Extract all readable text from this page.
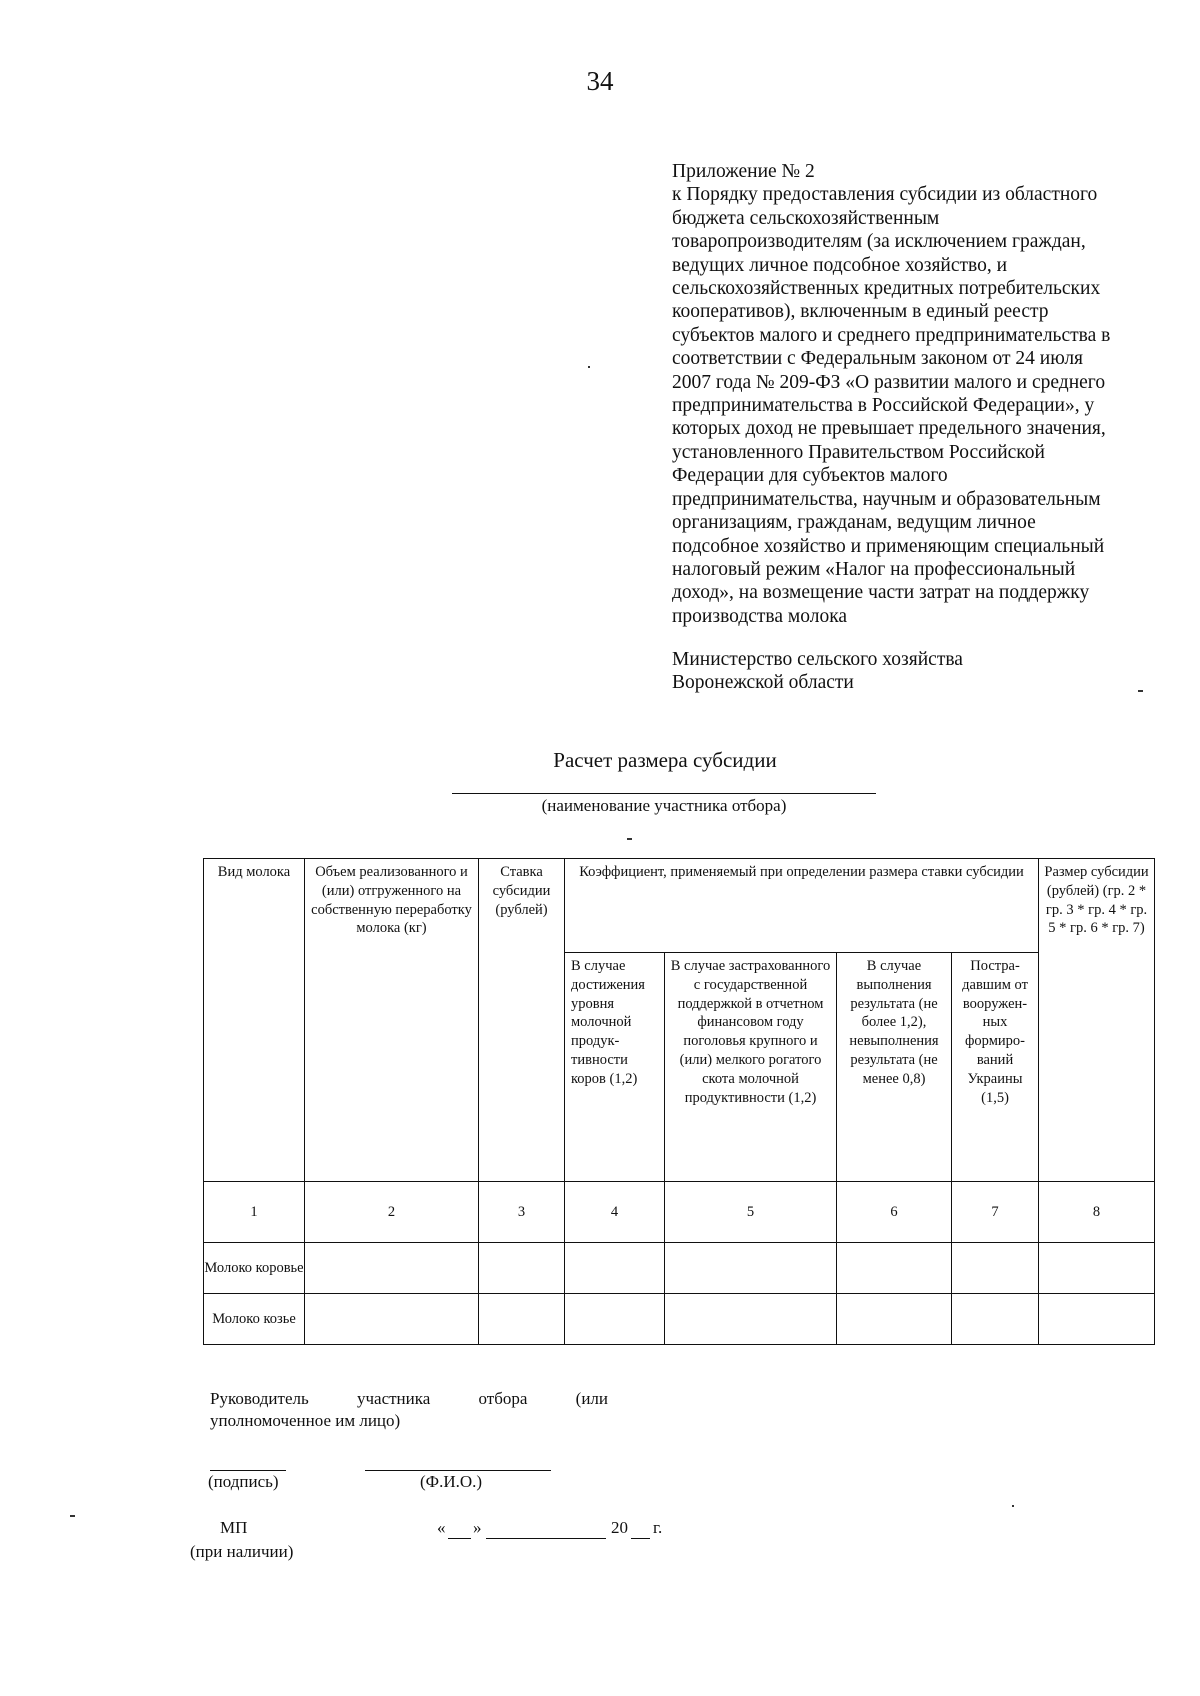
34
Приложение № 2
к Порядку предоставления субсидии из областного
бюджета сельскохозяйственным
товаропроизводителям (за исключением граждан,
ведущих личное подсобное хозяйство, и
сельскохозяйственных кредитных потребительских
кооперативов), включенным в единый реестр
субъектов малого и среднего предпринимательства в
соответствии с Федеральным законом от 24 июля
2007 года № 209-ФЗ «О развитии малого и среднего
предпринимательства в Российской Федерации», у
которых доход не превышает предельного значения,
установленного Правительством Российской
Федерации для субъектов малого
предпринимательства, научным и образовательным
организациям, гражданам, ведущим личное
подсобное хозяйство и применяющим специальный
налоговый режим «Налог на профессиональный
доход», на возмещение части затрат на поддержку
производства молока
Министерство сельского хозяйства
Воронежской области
Расчет размера субсидии
(наименование участника отбора)
Вид молока	Объем реализованного и (или) отгруженного на собственную переработку молока (кг)	Ставка субсидии (рублей)	Коэффициент, применяемый при определении размера ставки субсидии				Размер субсидии (рублей) (гр. 2 * гр. 3 * гр. 4 * гр. 5 * гр. 6 * гр. 7)
			В случае достижения уровня молочной продук-тивности коров (1,2)	В случае застрахованного с государственной поддержкой в отчетном финансовом году поголовья крупного и (или) мелкого рогатого скота молочной продуктивности (1,2)	В случае выполнения результата (не более 1,2), невыполнения результата (не менее 0,8)	Постра-давшим от вооружен-ных формиро-ваний Украины (1,5)	
1	2	3	4	5	6	7	8
Молоко коровье							
Молоко козье							
Руководитель	участника	отбора	(или
уполномоченное им лицо)
(подпись)	(Ф.И.О.)
МП
(при наличии)
« »	20 г.
